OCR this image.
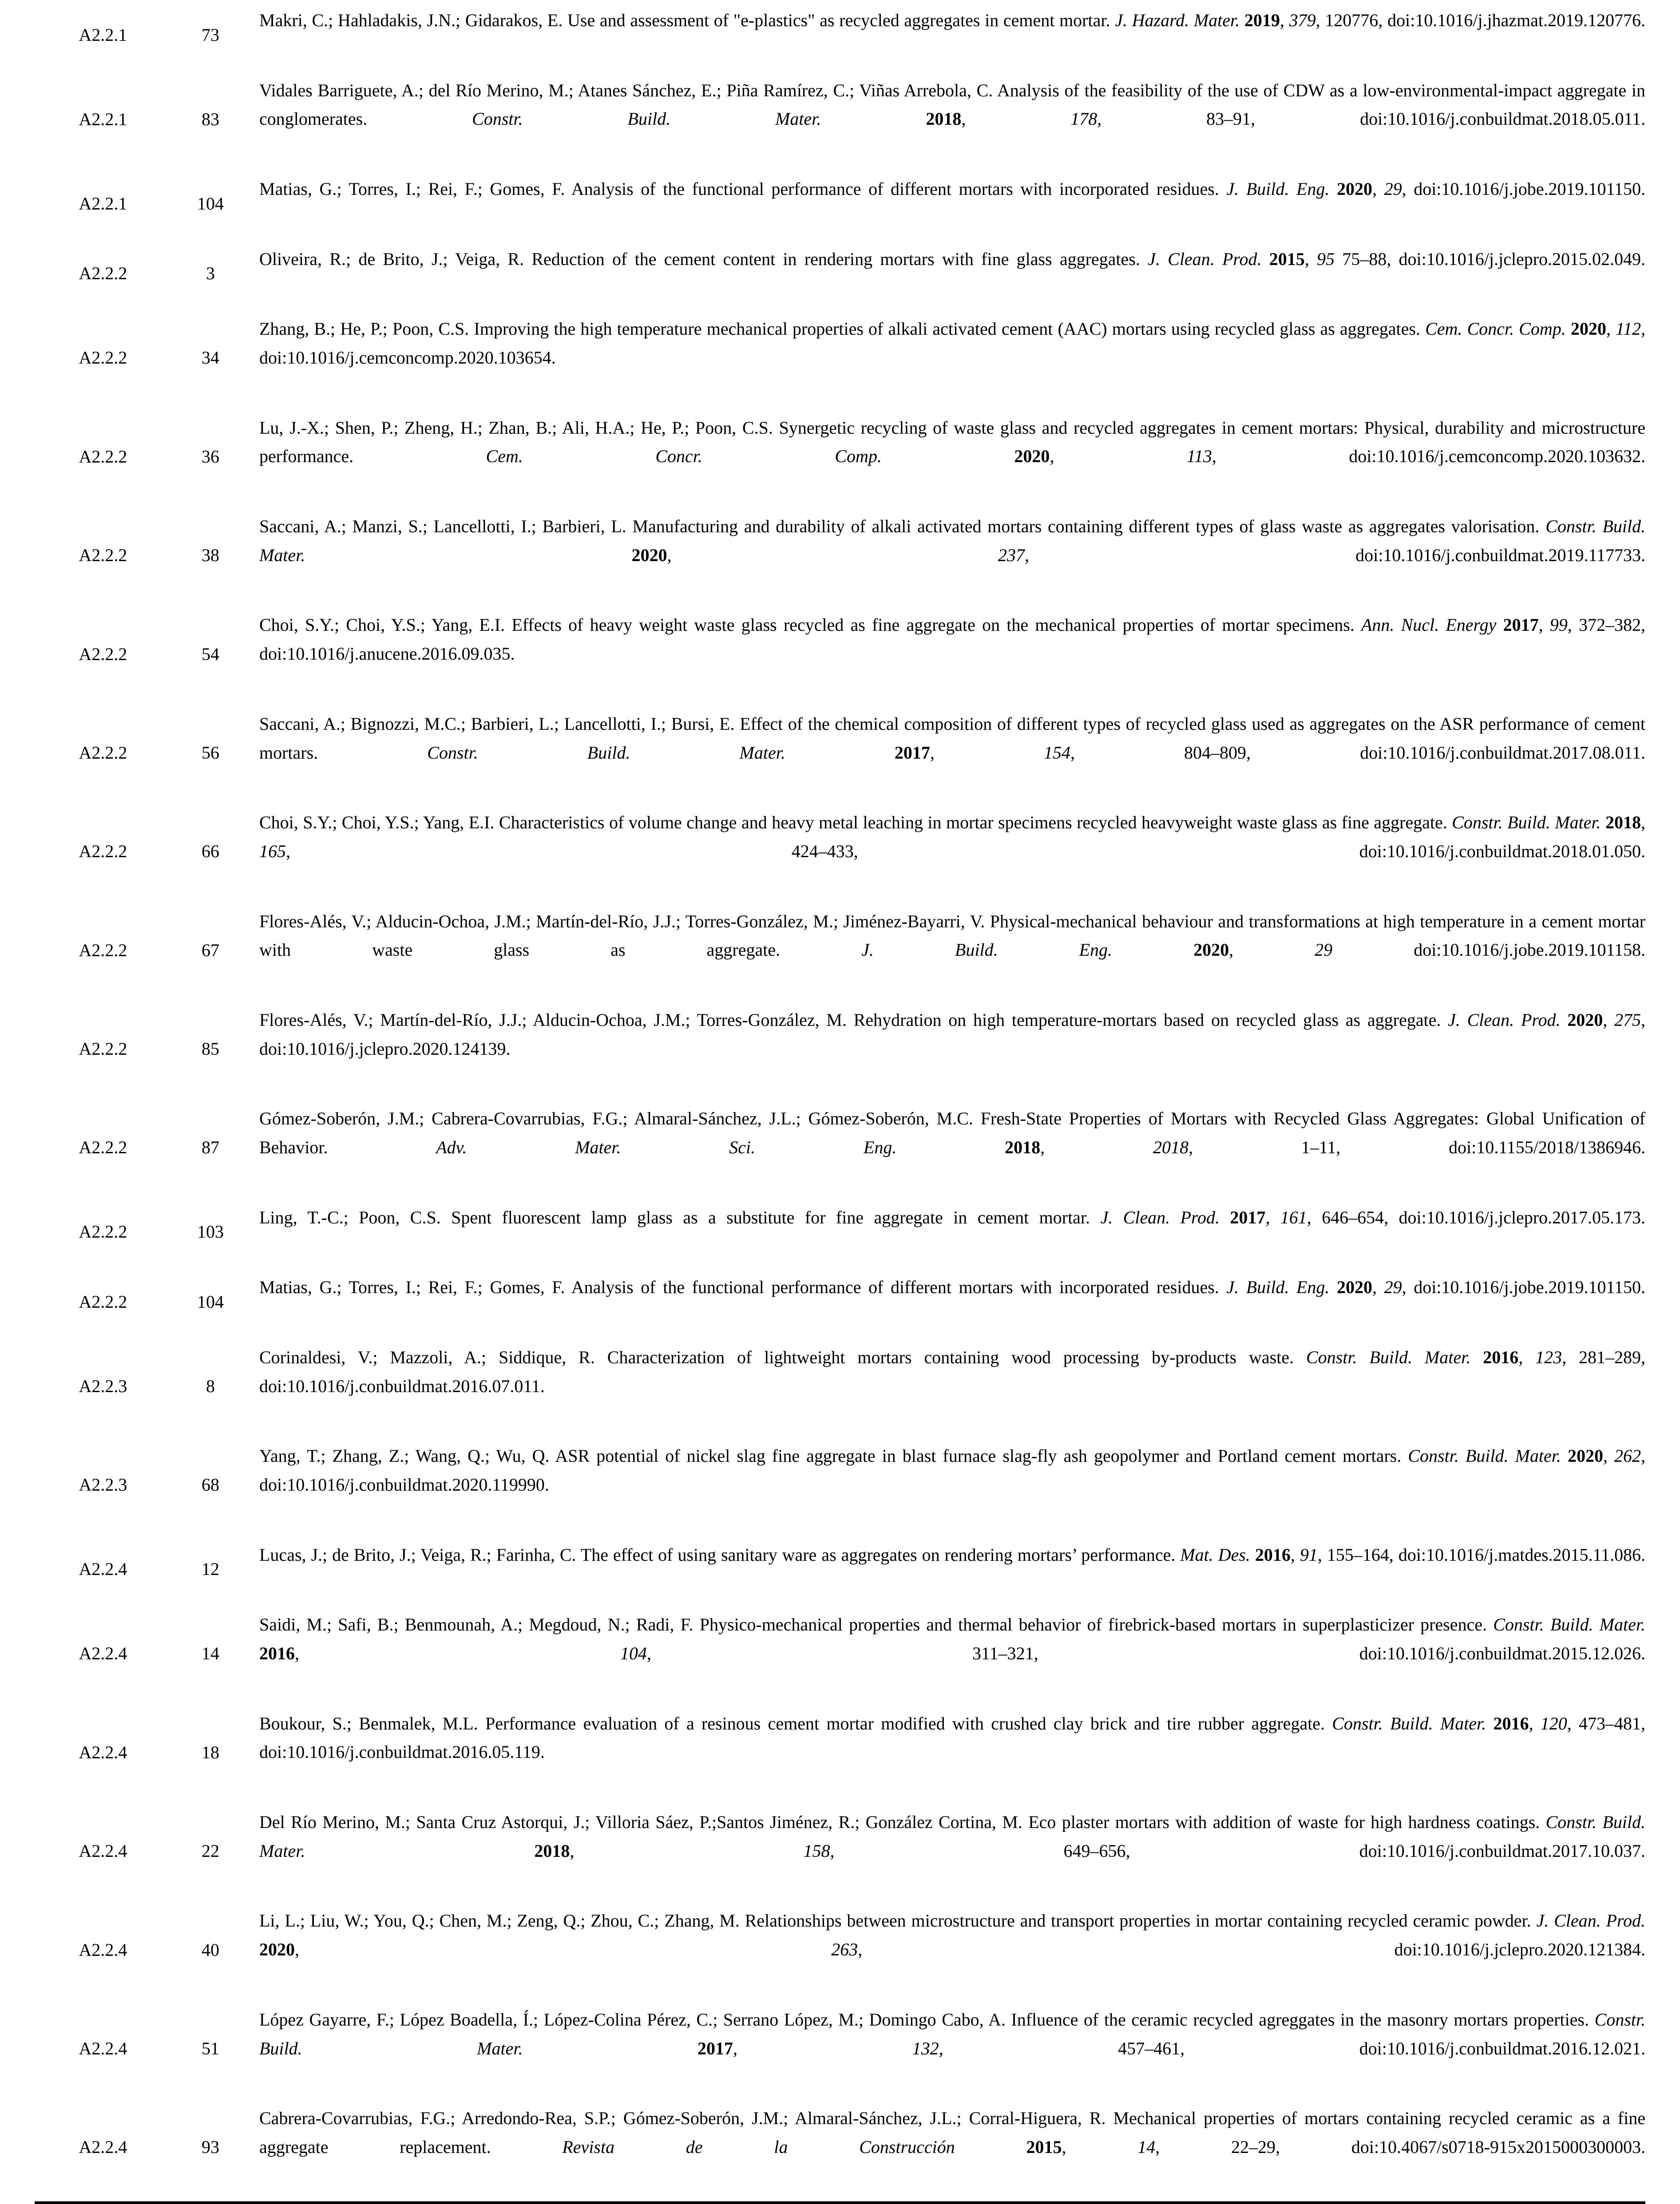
A2.2.1	73	Makri, C.; Hahladakis, J.N.; Gidarakos, E. Use and assessment of "e-plastics" as recycled aggregates in cement mortar. J. Hazard. Mater. 2019, 379, 120776, doi:10.1016/j.jhazmat.2019.120776.

A2.2.1	83	Vidales Barriguete, A.; del Río Merino, M.; Atanes Sánchez, E.; Piña Ramírez, C.; Viñas Arrebola, C. Analysis of the feasibility of the use of CDW as a low-environmental-impact aggregate in conglomerates. Constr. Build. Mater. 2018, 178, 83–91, doi:10.1016/j.conbuildmat.2018.05.011.

A2.2.1	104	Matias, G.; Torres, I.; Rei, F.; Gomes, F. Analysis of the functional performance of different mortars with incorporated residues. J. Build. Eng. 2020, 29, doi:10.1016/j.jobe.2019.101150.

A2.2.2	3	Oliveira, R.; de Brito, J.; Veiga, R. Reduction of the cement content in rendering mortars with fine glass aggregates. J. Clean. Prod. 2015, 95 75–88, doi:10.1016/j.jclepro.2015.02.049.

A2.2.2	34	Zhang, B.; He, P.; Poon, C.S. Improving the high temperature mechanical properties of alkali activated cement (AAC) mortars using recycled glass as aggregates. Cem. Concr. Comp. 2020, 112, doi:10.1016/j.cemconcomp.2020.103654.

A2.2.2	36	Lu, J.-X.; Shen, P.; Zheng, H.; Zhan, B.; Ali, H.A.; He, P.; Poon, C.S. Synergetic recycling of waste glass and recycled aggregates in cement mortars: Physical, durability and microstructure performance. Cem. Concr. Comp. 2020, 113, doi:10.1016/j.cemconcomp.2020.103632.

A2.2.2	38	Saccani, A.; Manzi, S.; Lancellotti, I.; Barbieri, L. Manufacturing and durability of alkali activated mortars containing different types of glass waste as aggregates valorisation. Constr. Build. Mater. 2020, 237, doi:10.1016/j.conbuildmat.2019.117733.

A2.2.2	54	Choi, S.Y.; Choi, Y.S.; Yang, E.I. Effects of heavy weight waste glass recycled as fine aggregate on the mechanical properties of mortar specimens. Ann. Nucl. Energy 2017, 99, 372–382, doi:10.1016/j.anucene.2016.09.035.

A2.2.2	56	Saccani, A.; Bignozzi, M.C.; Barbieri, L.; Lancellotti, I.; Bursi, E. Effect of the chemical composition of different types of recycled glass used as aggregates on the ASR performance of cement mortars. Constr. Build. Mater. 2017, 154, 804–809, doi:10.1016/j.conbuildmat.2017.08.011.

A2.2.2	66	Choi, S.Y.; Choi, Y.S.; Yang, E.I. Characteristics of volume change and heavy metal leaching in mortar specimens recycled heavyweight waste glass as fine aggregate. Constr. Build. Mater. 2018, 165, 424–433, doi:10.1016/j.conbuildmat.2018.01.050.

A2.2.2	67	Flores-Alés, V.; Alducin-Ochoa, J.M.; Martín-del-Río, J.J.; Torres-González, M.; Jiménez-Bayarri, V. Physical-mechanical behaviour and transformations at high temperature in a cement mortar with waste glass as aggregate. J. Build. Eng. 2020, 29 doi:10.1016/j.jobe.2019.101158.

A2.2.2	85	Flores-Alés, V.; Martín-del-Río, J.J.; Alducin-Ochoa, J.M.; Torres-González, M. Rehydration on high temperature-mortars based on recycled glass as aggregate. J. Clean. Prod. 2020, 275, doi:10.1016/j.jclepro.2020.124139.

A2.2.2	87	Gómez-Soberón, J.M.; Cabrera-Covarrubias, F.G.; Almaral-Sánchez, J.L.; Gómez-Soberón, M.C. Fresh-State Properties of Mortars with Recycled Glass Aggregates: Global Unification of Behavior. Adv. Mater. Sci. Eng. 2018, 2018, 1–11, doi:10.1155/2018/1386946.

A2.2.2	103	Ling, T.-C.; Poon, C.S. Spent fluorescent lamp glass as a substitute for fine aggregate in cement mortar. J. Clean. Prod. 2017, 161, 646–654, doi:10.1016/j.jclepro.2017.05.173.

A2.2.2	104	Matias, G.; Torres, I.; Rei, F.; Gomes, F. Analysis of the functional performance of different mortars with incorporated residues. J. Build. Eng. 2020, 29, doi:10.1016/j.jobe.2019.101150.

A2.2.3	8	Corinaldesi, V.; Mazzoli, A.; Siddique, R. Characterization of lightweight mortars containing wood processing by-products waste. Constr. Build. Mater. 2016, 123, 281–289, doi:10.1016/j.conbuildmat.2016.07.011.

A2.2.3	68	Yang, T.; Zhang, Z.; Wang, Q.; Wu, Q. ASR potential of nickel slag fine aggregate in blast furnace slag-fly ash geopolymer and Portland cement mortars. Constr. Build. Mater. 2020, 262, doi:10.1016/j.conbuildmat.2020.119990.

A2.2.4	12	Lucas, J.; de Brito, J.; Veiga, R.; Farinha, C. The effect of using sanitary ware as aggregates on rendering mortars’ performance. Mat. Des. 2016, 91, 155–164, doi:10.1016/j.matdes.2015.11.086.

A2.2.4	14	Saidi, M.; Safi, B.; Benmounah, A.; Megdoud, N.; Radi, F. Physico-mechanical properties and thermal behavior of firebrick-based mortars in superplasticizer presence. Constr. Build. Mater. 2016, 104, 311–321, doi:10.1016/j.conbuildmat.2015.12.026.

A2.2.4	18	Boukour, S.; Benmalek, M.L. Performance evaluation of a resinous cement mortar modified with crushed clay brick and tire rubber aggregate. Constr. Build. Mater. 2016, 120, 473–481, doi:10.1016/j.conbuildmat.2016.05.119.

A2.2.4	22	Del Río Merino, M.; Santa Cruz Astorqui, J.; Villoria Sáez, P.;Santos Jiménez, R.; González Cortina, M. Eco plaster mortars with addition of waste for high hardness coatings. Constr. Build. Mater. 2018, 158, 649–656, doi:10.1016/j.conbuildmat.2017.10.037.

A2.2.4	40	Li, L.; Liu, W.; You, Q.; Chen, M.; Zeng, Q.; Zhou, C.; Zhang, M. Relationships between microstructure and transport properties in mortar containing recycled ceramic powder. J. Clean. Prod. 2020, 263, doi:10.1016/j.jclepro.2020.121384.

A2.2.4	51	López Gayarre, F.; López Boadella, Í.; López-Colina Pérez, C.; Serrano López, M.; Domingo Cabo, A. Influence of the ceramic recycled agreggates in the masonry mortars properties. Constr. Build. Mater. 2017, 132, 457–461, doi:10.1016/j.conbuildmat.2016.12.021.

A2.2.4	93	Cabrera-Covarrubias, F.G.; Arredondo-Rea, S.P.; Gómez-Soberón, J.M.; Almaral-Sánchez, J.L.; Corral-Higuera, R. Mechanical properties of mortars containing recycled ceramic as a fine aggregate replacement. Revista de la Construcción 2015, 14, 22–29, doi:10.4067/s0718-915x2015000300003.
